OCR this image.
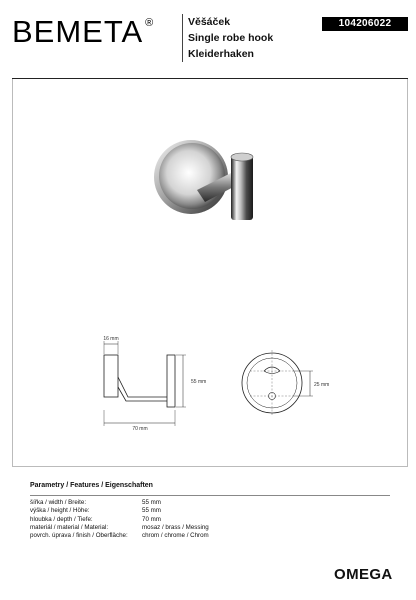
BEMETA ®	Věšáček
Single robe hook
Kleiderhaken
104206022
16 mm
55 mm
70 mm
25 mm
Parametry / Features / Eigenschaften
šířka / width / Breite:	55 mm
výška / height / Höhe:	55 mm
hloubka / depth / Tiefe:	70 mm
materiál / material / Material:	mosaz / brass / Messing
povrch. úprava / finish / Oberfläche:	chrom / chrome / Chrom
OMEGA
